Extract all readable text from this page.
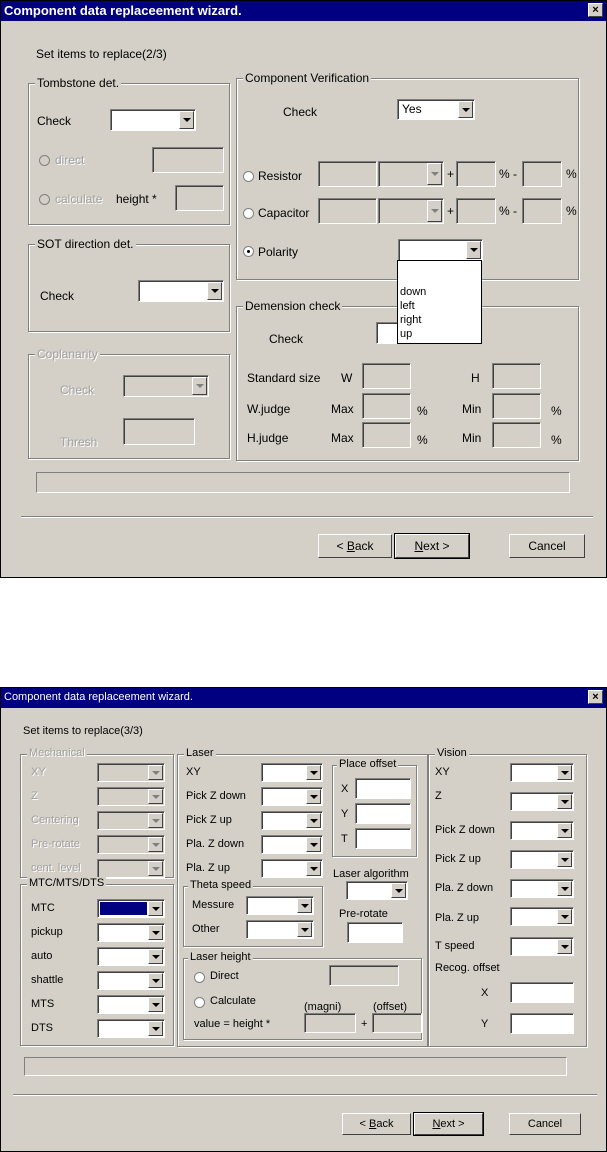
Component data replaceement wizard.	×
Set items to replace(2/3)
Tombstone det.
Check
direct
calculate height *
SOT direction det.
Check
Coplanarity
Check
Thresh
Component Verification
Check	Yes
Resistor	+	% -	%
Capacitor	+	% -	%
Polarity
Demension check
Check
Standard size W	H
W.judge	Max	%	Min	%
H.judge	Max	%	Min	%
down
left
right
up
< Back	Next >	Cancel
Component data replaceement wizard.	×
Set items to replace(3/3)
Mechanical
XY
Z
Centering
Pre-rotate
cent. level
MTC/MTS/DTS
MTC
pickup
auto
shattle
MTS
DTS
Laser
XY
Pick Z down
Pick Z up
Pla. Z down
Pla. Z up
Place offset
X
Y
T
Theta speed
Messure
Other
Laser algorithm
Pre-rotate
Laser height
Direct
Calculate	(magni)	(offset)
value = height *	+
Vision
XY
Z
Pick Z down
Pick Z up
Pla. Z down
Pla. Z up
T speed
Recog. offset
X
Y
< Back	Next >	Cancel
